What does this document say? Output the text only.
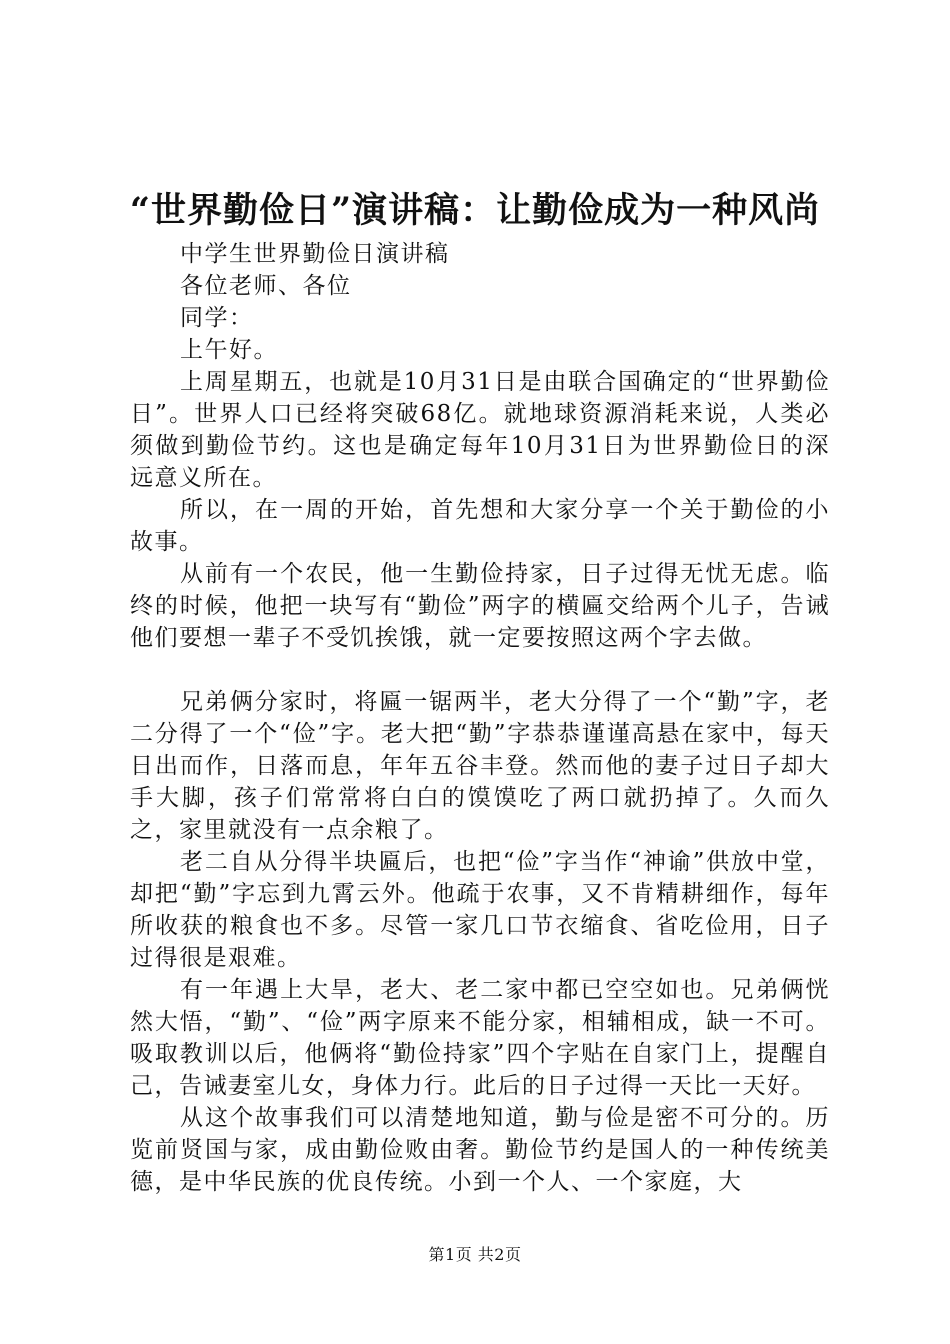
“世界勤俭日”演讲稿：让勤俭成为一种风尚

中学生世界勤俭日演讲稿

各位老师、各位

同学：

上午好。

上周星期五，也就是10月31日是由联合国确定的“世界勤俭日”。世界人口已经将突破68亿。就地球资源消耗来说，人类必须做到勤俭节约。这也是确定每年10月31日为世界勤俭日的深远意义所在。

所以，在一周的开始，首先想和大家分享一个关于勤俭的小故事。

从前有一个农民，他一生勤俭持家，日子过得无忧无虑。临终的时候，他把一块写有“勤俭”两字的横匾交给两个儿子，告诫他们要想一辈子不受饥挨饿，就一定要按照这两个字去做。

兄弟俩分家时，将匾一锯两半，老大分得了一个“勤”字，老二分得了一个“俭”字。老大把“勤”字恭恭谨谨高悬在家中，每天日出而作，日落而息，年年五谷丰登。然而他的妻子过日子却大手大脚，孩子们常常将白白的馍馍吃了两口就扔掉了。久而久之，家里就没有一点余粮了。

老二自从分得半块匾后，也把“俭”字当作“神谕”供放中堂，却把“勤”字忘到九霄云外。他疏于农事，又不肯精耕细作，每年所收获的粮食也不多。尽管一家几口节衣缩食、省吃俭用，日子过得很是艰难。

有一年遇上大旱，老大、老二家中都已空空如也。兄弟俩恍然大悟，“勤”、“俭”两字原来不能分家，相辅相成，缺一不可。吸取教训以后，他俩将“勤俭持家”四个字贴在自家门上，提醒自己，告诫妻室儿女，身体力行。此后的日子过得一天比一天好。

从这个故事我们可以清楚地知道，勤与俭是密不可分的。历览前贤国与家，成由勤俭败由奢。勤俭节约是国人的一种传统美德，是中华民族的优良传统。小到一个人、一个家庭，大

第1页 共2页
